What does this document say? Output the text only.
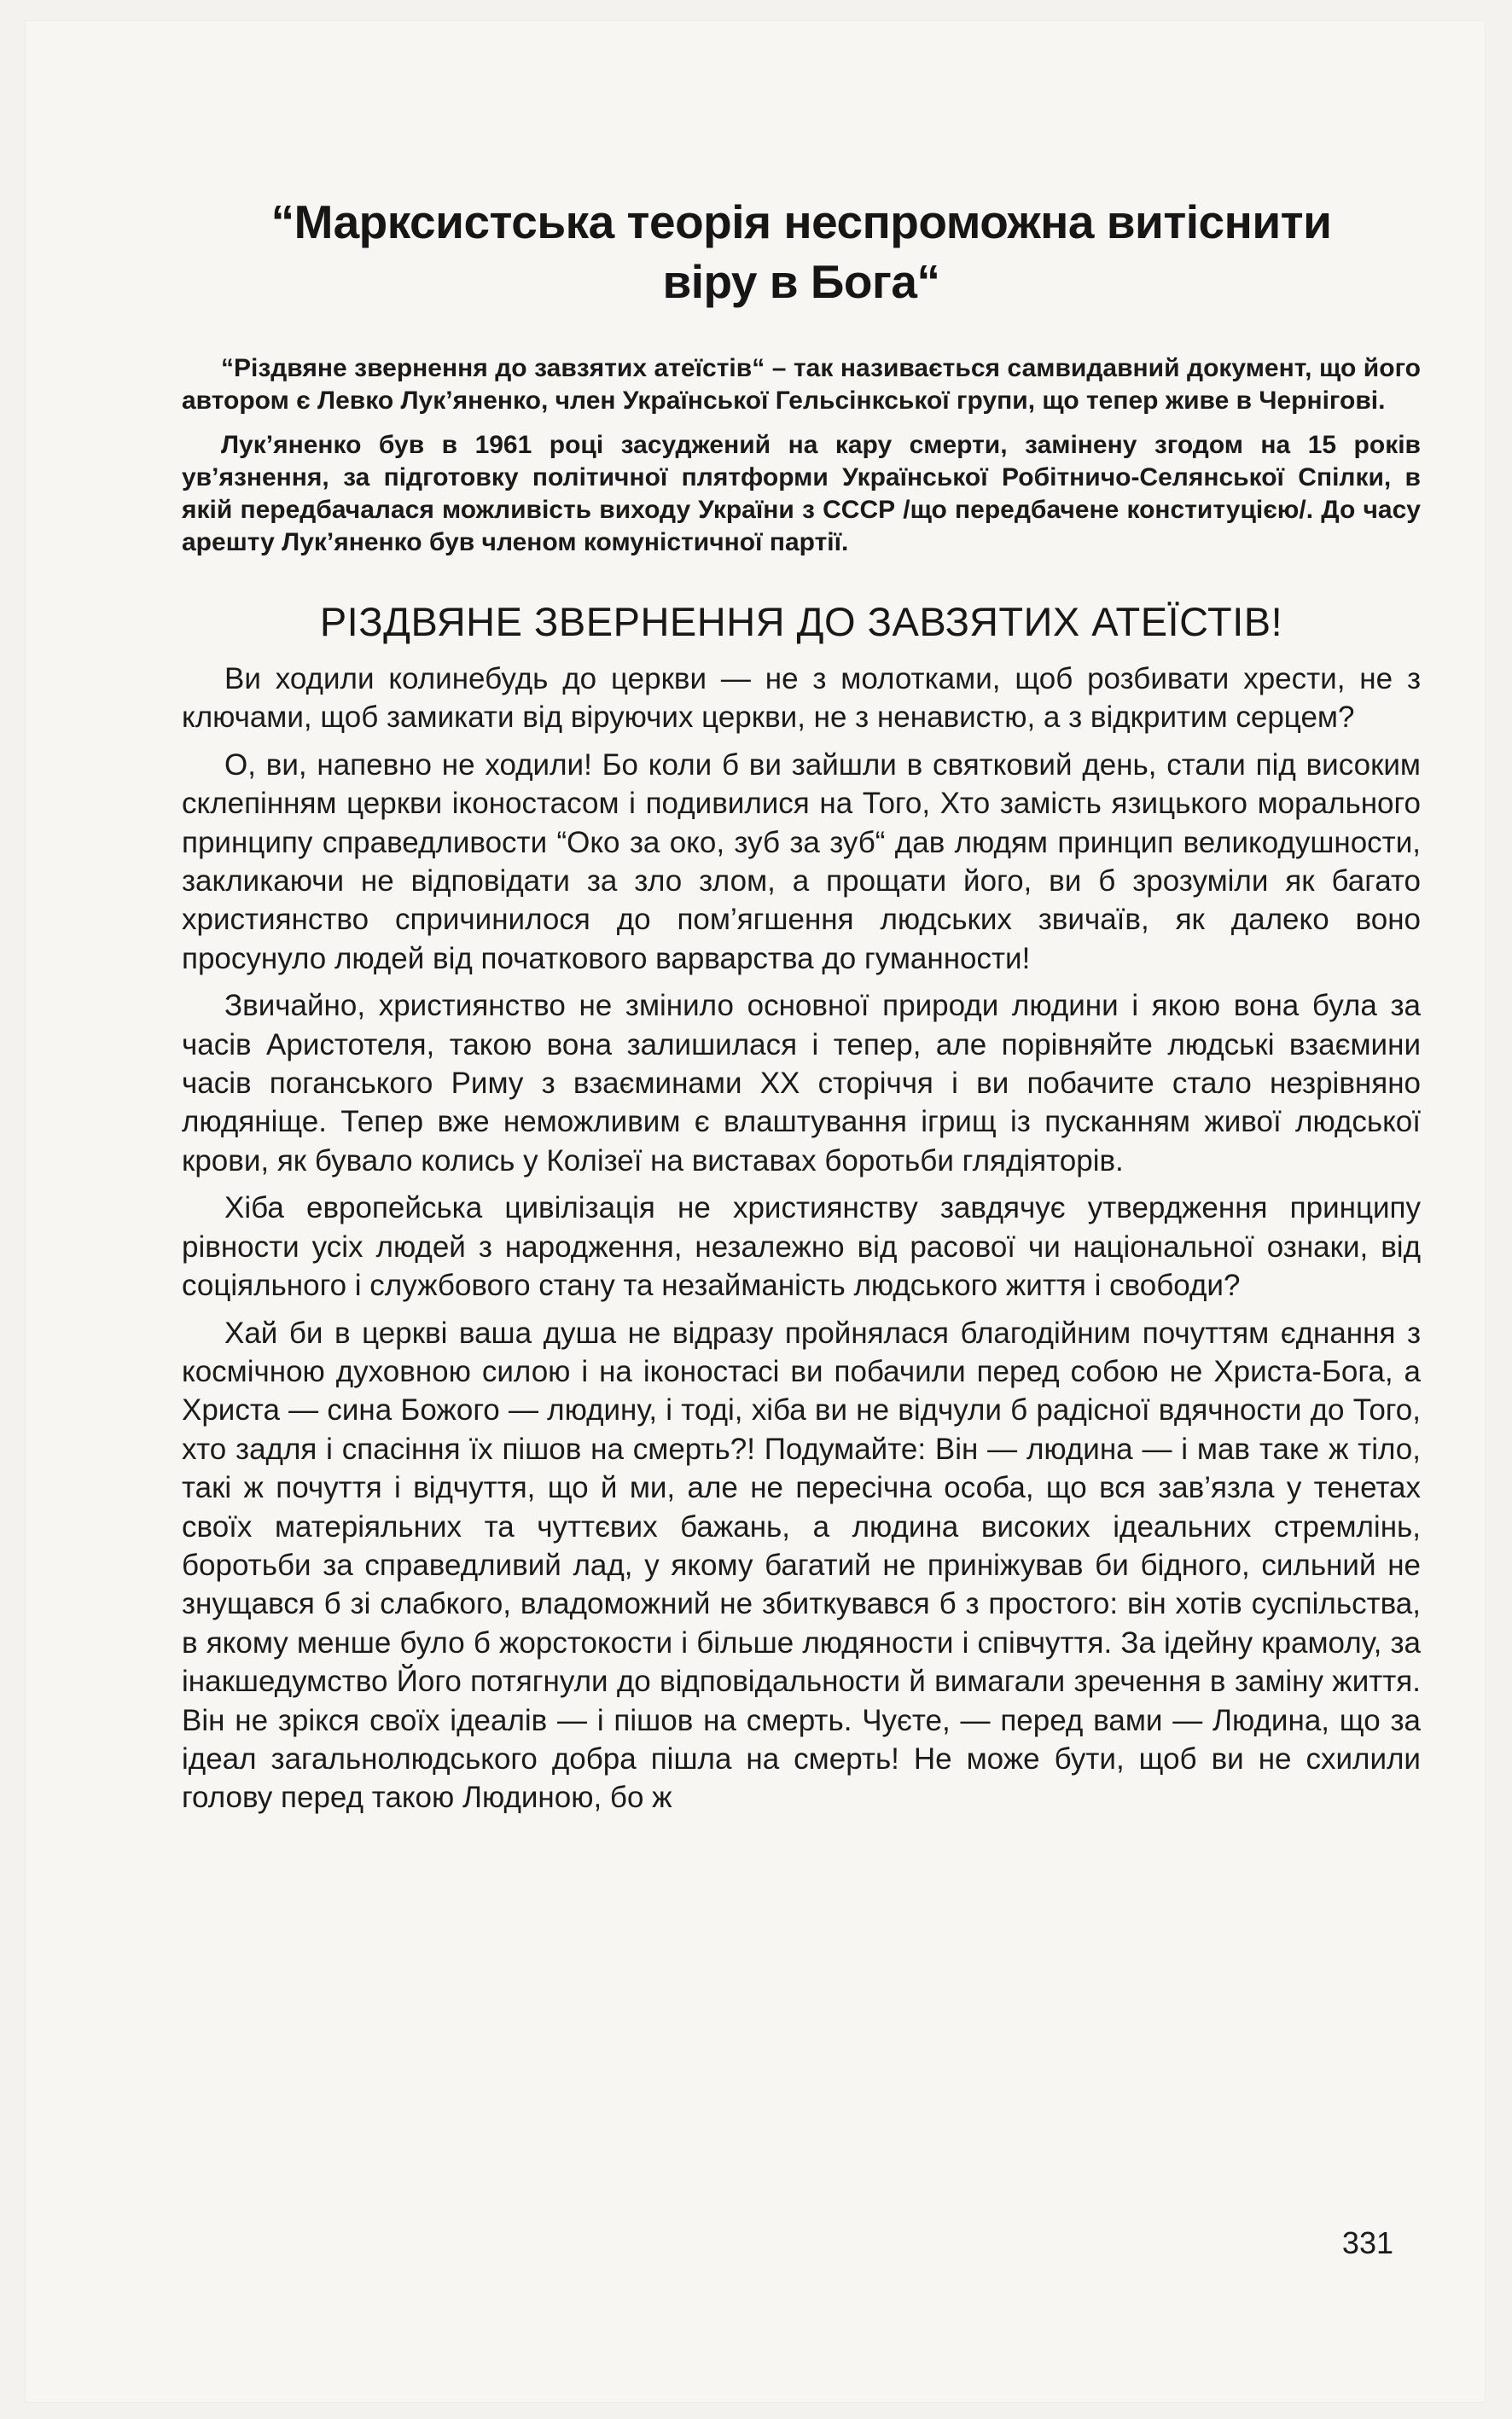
“Марксистська теорія неспроможна витіснити
віру в Бога“

“Різдвяне звернення до завзятих атеїстів“ – так називається самвидавний документ, що його автором є Левко Лук’яненко, член Української Гельсінкської групи, що тепер живе в Чернігові.

Лук’яненко був в 1961 році засуджений на кару смерти, замінену згодом на 15 років ув’язнення, за підготовку політичної плятформи Української Робітничо-Селянської Спілки, в якій передбачалася можливість виходу України з СССР /що передбачене конституцією/. До часу арешту Лук’яненко був членом комуністичної партії.

РІЗДВЯНЕ ЗВЕРНЕННЯ ДО ЗАВЗЯТИХ АТЕЇСТІВ!

Ви ходили колинебудь до церкви — не з молотками, щоб розбивати хрести, не з ключами, щоб замикати від віруючих церкви, не з ненавистю, а з відкритим серцем?

О, ви, напевно не ходили! Бо коли б ви зайшли в святковий день, стали під високим склепінням церкви іконостасом і подивилися на Того, Хто замість язицького морального принципу справедливости “Око за око, зуб за зуб“ дав людям принцип великодушности, закликаючи не відповідати за зло злом, а прощати його, ви б зрозуміли як багато християнство спричинилося до пом’ягшення людських звичаїв, як далеко воно просунуло людей від початкового варварства до гуманности!

Звичайно, християнство не змінило основної природи людини і якою вона була за часів Аристотеля, такою вона залишилася і тепер, але порівняйте людські взаємини часів поганського Риму з взаєминами XX сторіччя і ви побачите стало незрівняно людяніще. Тепер вже неможливим є влаштування ігрищ із пусканням живої людської крови, як бувало колись у Колізеї на виставах боротьби глядіяторів.

Хіба европейська цивілізація не християнству завдячує утвердження принципу рівности усіх людей з народження, незалежно від расової чи національної ознаки, від соціяльного і службового стану та незайманість людського життя і свободи?

Хай би в церкві ваша душа не відразу пройнялася благодійним почуттям єднання з космічною духовною силою і на іконостасі ви побачили перед собою не Христа-Бога, а Христа — сина Божого — людину, і тоді, хіба ви не відчули б радісної вдячности до Того, хто задля і спасіння їх пішов на смерть?! Подумайте: Він — людина — і мав таке ж тіло, такі ж почуття і відчуття, що й ми, але не пересічна особа, що вся зав’язла у тенетах своїх матеріяльних та чуттєвих бажань, а людина високих ідеальних стремлінь, боротьби за справедливий лад, у якому багатий не приніжував би бідного, сильний не знущався б зі слабкого, владоможний не збиткувався б з простого: він хотів суспільства, в якому менше було б жорстокости і більше людяности і співчуття. За ідейну крамолу, за інакшедумство Його потягнули до відповідальности й вимагали зречення в заміну життя. Він не зрікся своїх ідеалів — і пішов на смерть. Чуєте, — перед вами — Людина, що за ідеал загальнолюдського добра пішла на смерть! Не може бути, щоб ви не схилили голову перед такою Людиною, бо ж

331
